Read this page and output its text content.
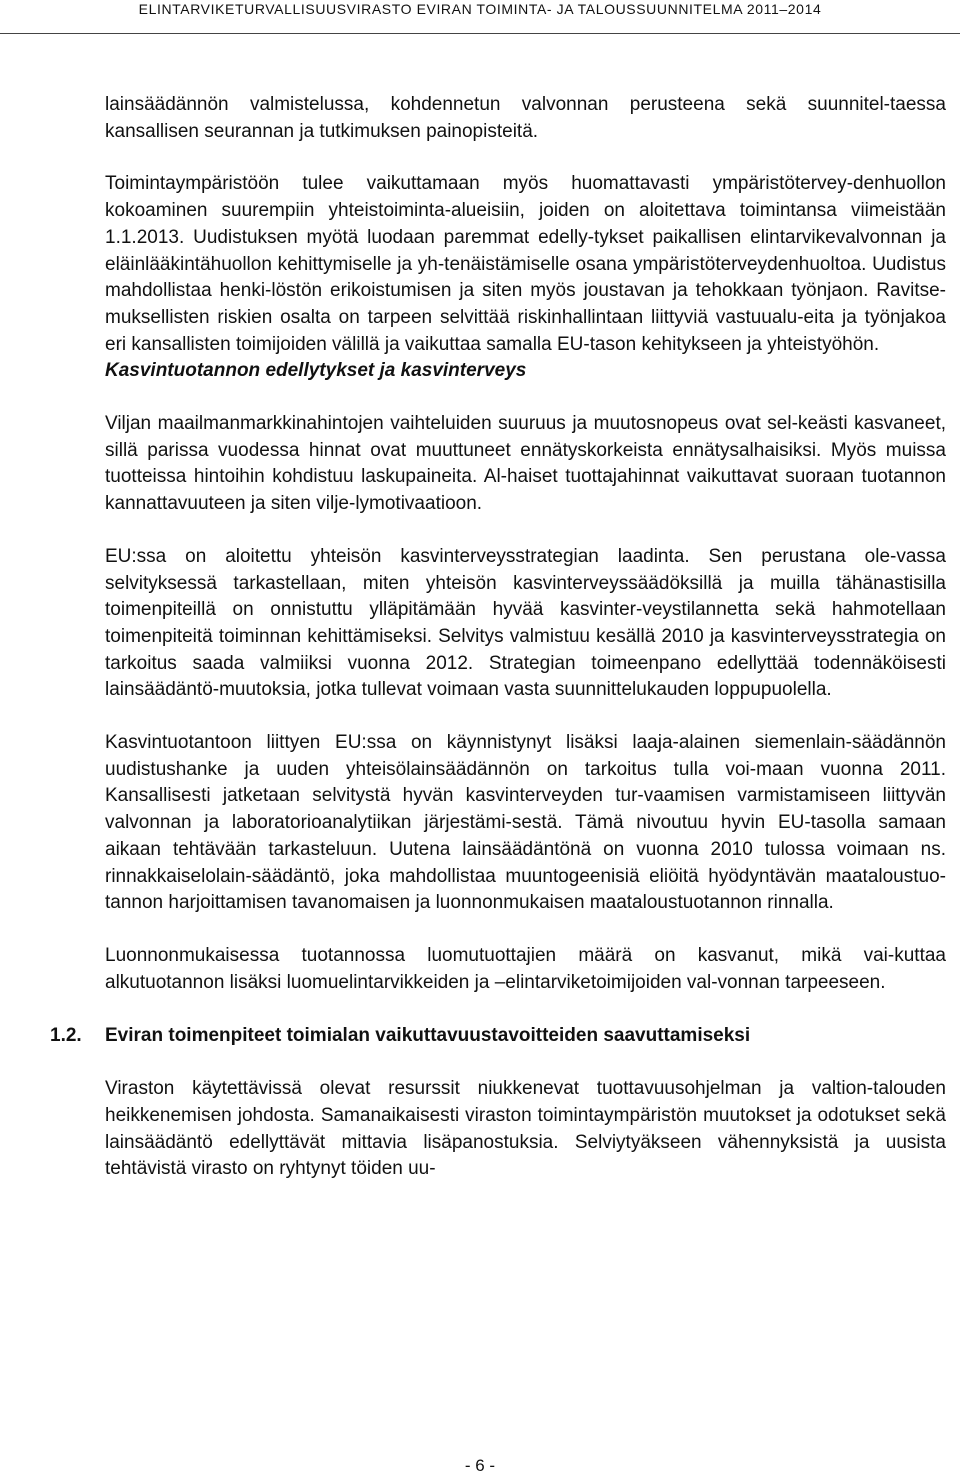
ELINTARVIKETURVALLISUUSVIRASTO EVIRAN TOIMINTA- JA TALOUSSUUNNITELMA 2011–2014

lainsäädännön valmistelussa, kohdennetun valvonnan perusteena sekä suunnitel-taessa kansallisen seurannan ja tutkimuksen painopisteitä.

Toimintaympäristöön tulee vaikuttamaan myös huomattavasti ympäristötervey-denhuollon kokoaminen suurempiin yhteistoiminta-alueisiin, joiden on aloitettava toimintansa viimeistään 1.1.2013. Uudistuksen myötä luodaan paremmat edelly-tykset paikallisen elintarvikevalvonnan ja eläinlääkintähuollon kehittymiselle ja yh-tenäistämiselle osana ympäristöterveydenhuoltoa. Uudistus mahdollistaa henki-löstön erikoistumisen ja siten myös joustavan ja tehokkaan työnjaon. Ravitse-muksellisten riskien osalta on tarpeen selvittää riskinhallintaan liittyviä vastuualu-eita ja työnjakoa eri kansallisten toimijoiden välillä ja vaikuttaa samalla EU-tason kehitykseen ja yhteistyöhön.

Kasvintuotannon edellytykset ja kasvinterveys

Viljan maailmanmarkkinahintojen vaihteluiden suuruus ja muutosnopeus ovat sel-keästi kasvaneet, sillä parissa vuodessa hinnat ovat muuttuneet ennätyskorkeista ennätysalhaisiksi. Myös muissa tuotteissa hintoihin kohdistuu laskupaineita. Al-haiset tuottajahinnat vaikuttavat suoraan tuotannon kannattavuuteen ja siten vilje-lymotivaatioon.

EU:ssa on aloitettu yhteisön kasvinterveysstrategian laadinta. Sen perustana ole-vassa selvityksessä tarkastellaan, miten yhteisön kasvinterveyssäädöksillä ja muilla tähänastisilla toimenpiteillä on onnistuttu ylläpitämään hyvää kasvinter-veystilannetta sekä hahmotellaan toimenpiteitä toiminnan kehittämiseksi. Selvitys valmistuu kesällä 2010 ja kasvinterveysstrategia on tarkoitus saada valmiiksi vuonna 2012. Strategian toimeenpano edellyttää todennäköisesti lainsäädäntö-muutoksia, jotka tullevat voimaan vasta suunnittelukauden loppupuolella.

Kasvintuotantoon liittyen EU:ssa on käynnistynyt lisäksi laaja-alainen siemenlain-säädännön uudistushanke ja uuden yhteisölainsäädännön on tarkoitus tulla voi-maan vuonna 2011. Kansallisesti jatketaan selvitystä hyvän kasvinterveyden tur-vaamisen varmistamiseen liittyvän valvonnan ja laboratorioanalytiikan järjestämi-sestä. Tämä nivoutuu hyvin EU-tasolla samaan aikaan tehtävään tarkasteluun. Uutena lainsäädäntönä on vuonna 2010 tulossa voimaan ns. rinnakkaiselolain-säädäntö, joka mahdollistaa muuntogeenisiä eliöitä hyödyntävän maataloustuo-tannon harjoittamisen tavanomaisen ja luonnonmukaisen maataloustuotannon rinnalla.

Luonnonmukaisessa tuotannossa luomutuottajien määrä on kasvanut, mikä vai-kuttaa alkutuotannon lisäksi luomuelintarvikkeiden ja –elintarviketoimijoiden val-vonnan tarpeeseen.

1.2. Eviran toimenpiteet toimialan vaikuttavuustavoitteiden saavuttamiseksi

Viraston käytettävissä olevat resurssit niukkenevat tuottavuusohjelman ja valtion-talouden heikkenemisen johdosta. Samanaikaisesti viraston toimintaympäristön muutokset ja odotukset sekä lainsäädäntö edellyttävät mittavia lisäpanostuksia. Selviytyäkseen vähennyksistä ja uusista tehtävistä virasto on ryhtynyt töiden uu-

- 6 -
